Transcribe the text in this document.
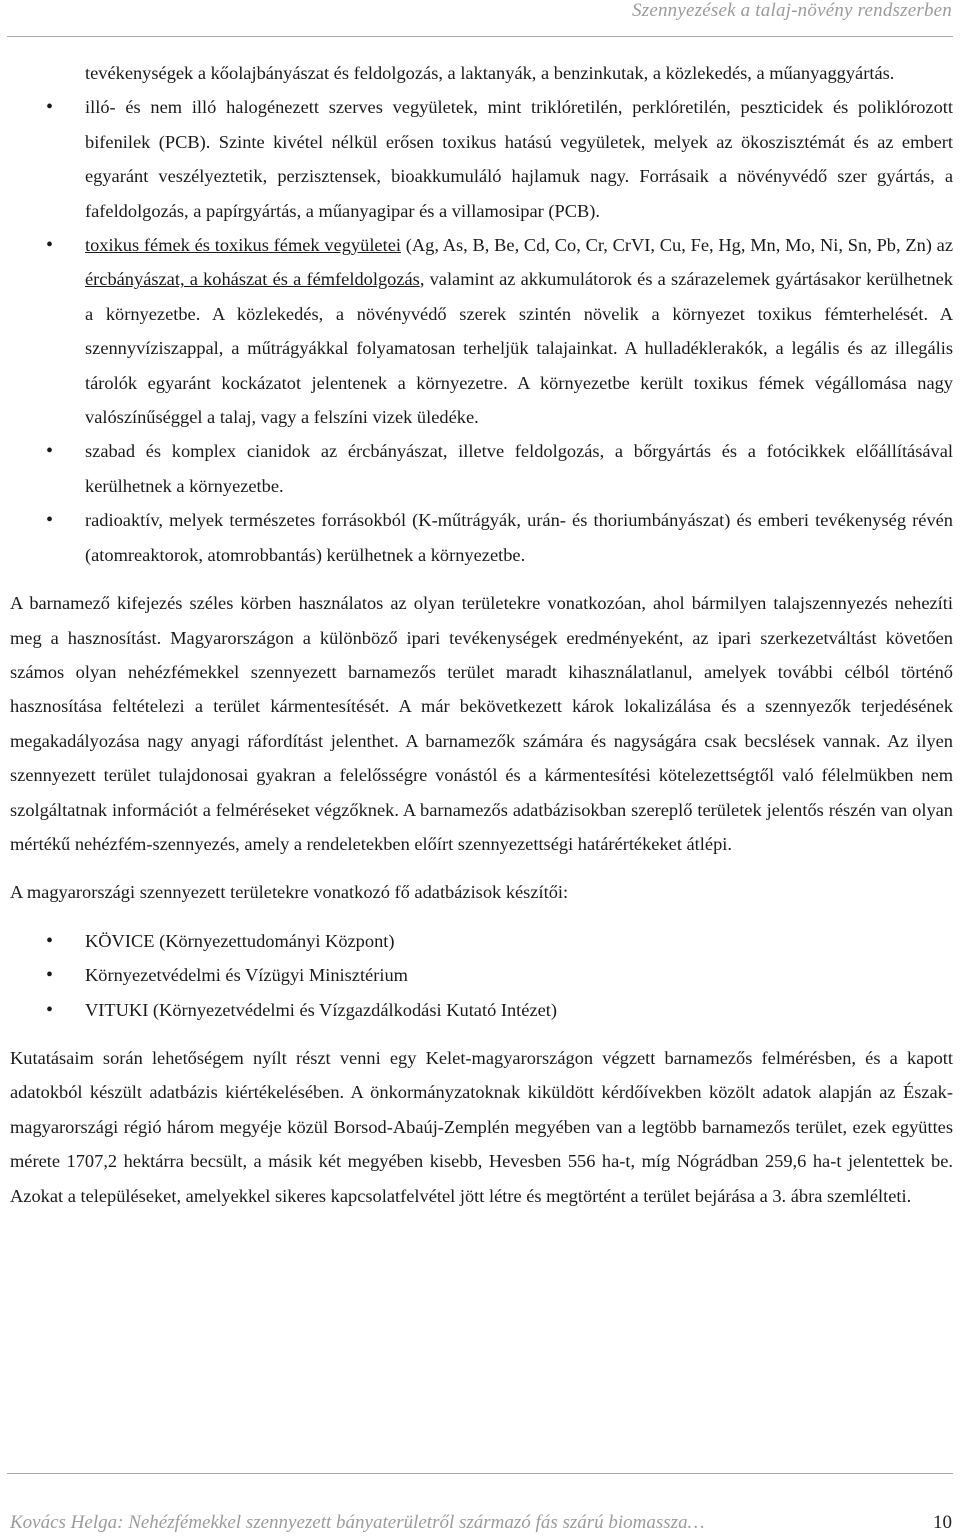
Szennyezések a talaj-növény rendszerben
tevékenységek a kőolajbányászat és feldolgozás, a laktanyák, a benzinkutak, a közlekedés, a műanyaggyártás.
• illó- és nem illó halogénezett szerves vegyületek, mint triklóretilén, perklóretilén, peszticidek és poliklórozott bifenilek (PCB). Szinte kivétel nélkül erősen toxikus hatású vegyületek, melyek az ökoszisztémát és az embert egyaránt veszélyeztetik, perzisztensek, bioakkumuláló hajlamuk nagy. Forrásaik a növényvédő szer gyártás, a fafeldolgozás, a papírgyártás, a műanyagipar és a villamosipar (PCB).
• toxikus fémek és toxikus fémek vegyületei (Ag, As, B, Be, Cd, Co, Cr, CrVI, Cu, Fe, Hg, Mn, Mo, Ni, Sn, Pb, Zn) az ércbányászat, a kohászat és a fémfeldolgozás, valamint az akkumulátorok és a szárazelemek gyártásakor kerülhetnek a környezetbe. A közlekedés, a növényvédő szerek szintén növelik a környezet toxikus fémterhelését. A szennyvíziszappal, a műtrágyákkal folyamatosan terheljük talajainkat. A hulladéklerakók, a legális és az illegális tárolók egyaránt kockázatot jelentenek a környezetre. A környezetbe került toxikus fémek végállomása nagy valószínűséggel a talaj, vagy a felszíni vizek üledéke.
• szabad és komplex cianidok az ércbányászat, illetve feldolgozás, a bőrgyártás és a fotócikkek előállításával kerülhetnek a környezetbe.
• radioaktív, melyek természetes forrásokból (K-műtrágyák, urán- és thoriumbányászat) és emberi tevékenység révén (atomreaktorok, atomrobbantás) kerülhetnek a környezetbe.

A barnamező kifejezés széles körben használatos az olyan területekre vonatkozóan, ahol bármilyen talajszennyezés nehezíti meg a hasznosítást. Magyarországon a különböző ipari tevékenységek eredményeként, az ipari szerkezetváltást követően számos olyan nehézfémekkel szennyezett barnamezős terület maradt kihasználatlanul, amelyek további célból történő hasznosítása feltételezi a terület kármentesítését. A már bekövetkezett károk lokalizálása és a szennyezők terjedésének megakadályozása nagy anyagi ráfordítást jelenthet. A barnamezők számára és nagyságára csak becslések vannak. Az ilyen szennyezett terület tulajdonosai gyakran a felelősségre vonástól és a kármentesítési kötelezettségtől való félelmükben nem szolgáltatnak információt a felméréseket végzőknek. A barnamezős adatbázisokban szereplő területek jelentős részén van olyan mértékű nehézfém-szennyezés, amely a rendeletekben előírt szennyezettségi határértékeket átlépi.

A magyarországi szennyezett területekre vonatkozó fő adatbázisok készítői:

• KÖVICE (Környezettudományi Központ)
• Környezetvédelmi és Vízügyi Minisztérium
• VITUKI (Környezetvédelmi és Vízgazdálkodási Kutató Intézet)

Kutatásaim során lehetőségem nyílt részt venni egy Kelet-magyarországon végzett barnamezős felmérésben, és a kapott adatokból készült adatbázis kiértékelésében. A önkormányzatoknak kiküldött kérdőívekben közölt adatok alapján az Észak-magyarországi régió három megyéje közül Borsod-Abaúj-Zemplén megyében van a legtöbb barnamezős terület, ezek együttes mérete 1707,2 hektárra becsült, a másik két megyében kisebb, Hevesben 556 ha-t, míg Nógrádban 259,6 ha-t jelentettek be. Azokat a településeket, amelyekkel sikeres kapcsolatfelvétel jött létre és megtörtént a terület bejárása a 3. ábra szemlélteti.

Kovács Helga: Nehézfémekkel szennyezett bányaterületről származó fás szárú biomassza…	10
